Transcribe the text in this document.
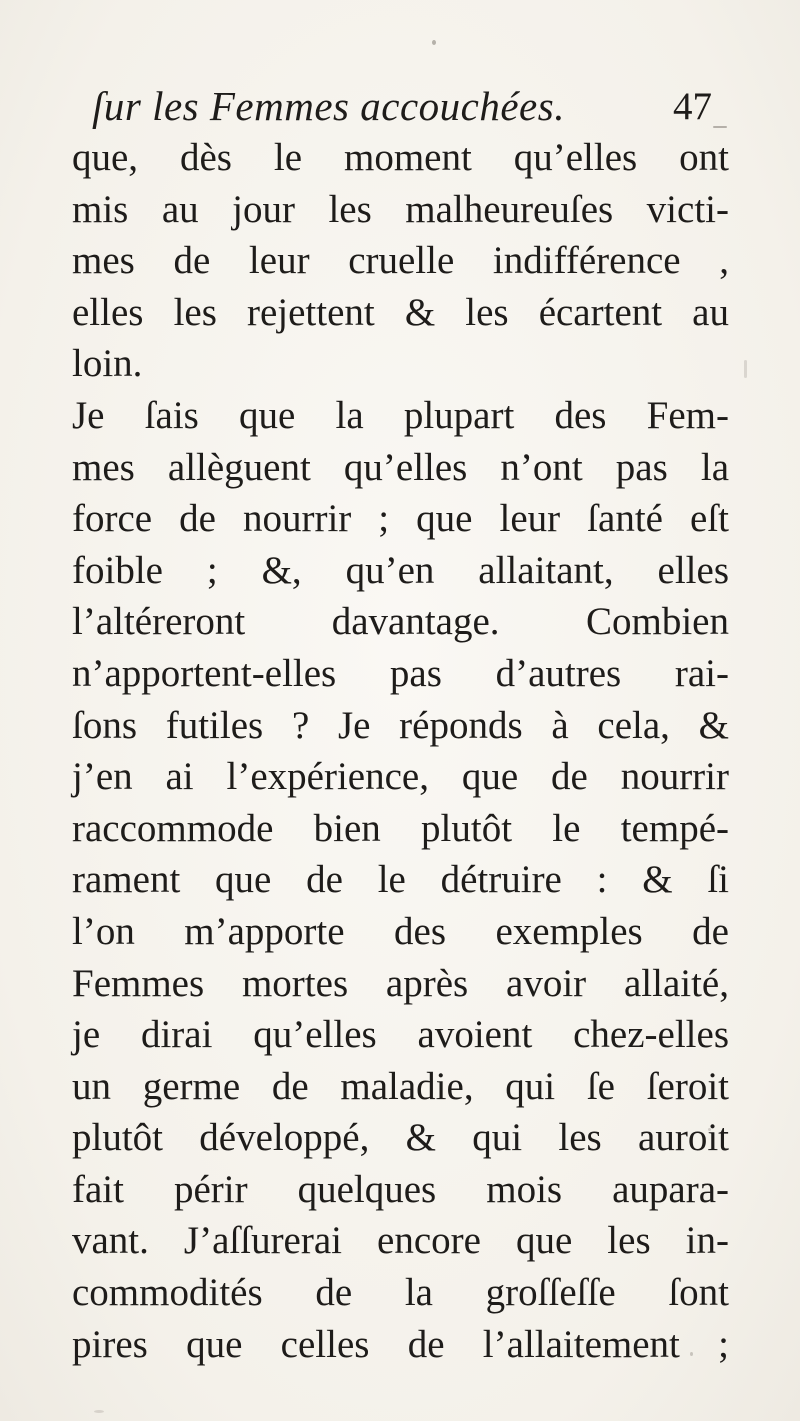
ſur les Femmes accouchées.	47
que, dès le moment qu’elles ont
mis au jour les malheureuſes victi-
mes de leur cruelle indifférence ,
elles les rejettent & les écartent au
loin.
Je ſais que la plupart des Fem-
mes allèguent qu’elles n’ont pas la
force de nourrir ; que leur ſanté eſt
foible ; &, qu’en allaitant, elles
l’altéreront davantage. Combien
n’apportent-elles pas d’autres rai-
ſons futiles ? Je réponds à cela, &
j’en ai l’expérience, que de nourrir
raccommode bien plutôt le tempé-
rament que de le détruire : & ſi
l’on m’apporte des exemples de
Femmes mortes après avoir allaité,
je dirai qu’elles avoient chez-elles
un germe de maladie, qui ſe ſeroit
plutôt développé, & qui les auroit
fait périr quelques mois aupara-
vant. J’aſſurerai encore que les in-
commodités de la groſſeſſe ſont
pires que celles de l’allaitement ;
